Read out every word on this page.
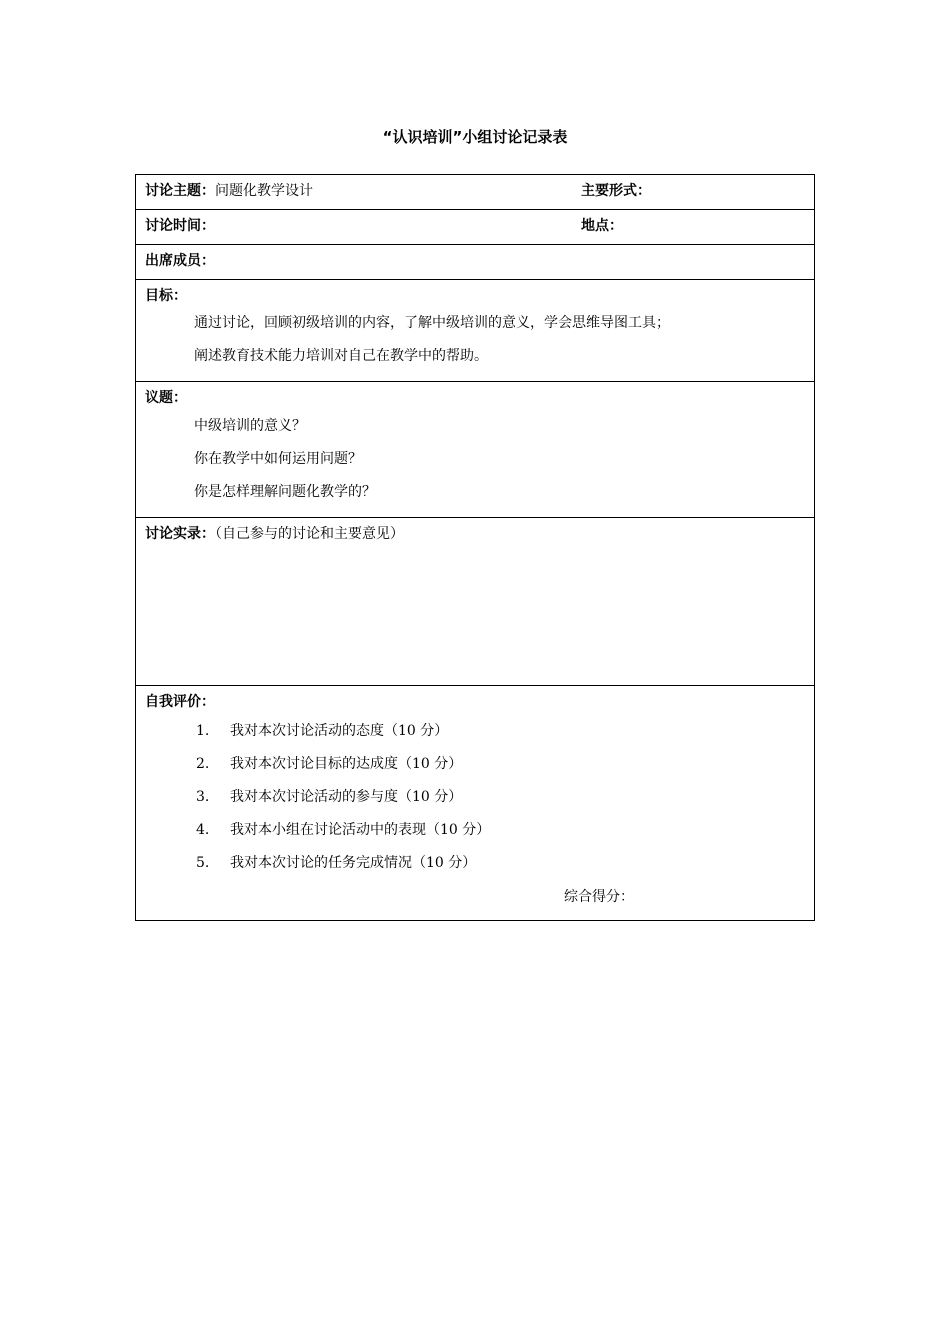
“认识培训”小组讨论记录表
讨论主题：问题化教学设计	主要形式：
讨论时间：	地点：
出席成员：
目标：
通过讨论，回顾初级培训的内容，了解中级培训的意义，学会思维导图工具；
阐述教育技术能力培训对自己在教学中的帮助。
议题：
中级培训的意义？
你在教学中如何运用问题？
你是怎样理解问题化教学的？
讨论实录：（自己参与的讨论和主要意见）
自我评价：
1. 我对本次讨论活动的态度（10 分）
2. 我对本次讨论目标的达成度（10 分）
3. 我对本次讨论活动的参与度（10 分）
4. 我对本小组在讨论活动中的表现（10 分）
5. 我对本次讨论的任务完成情况（10 分）
综合得分：
